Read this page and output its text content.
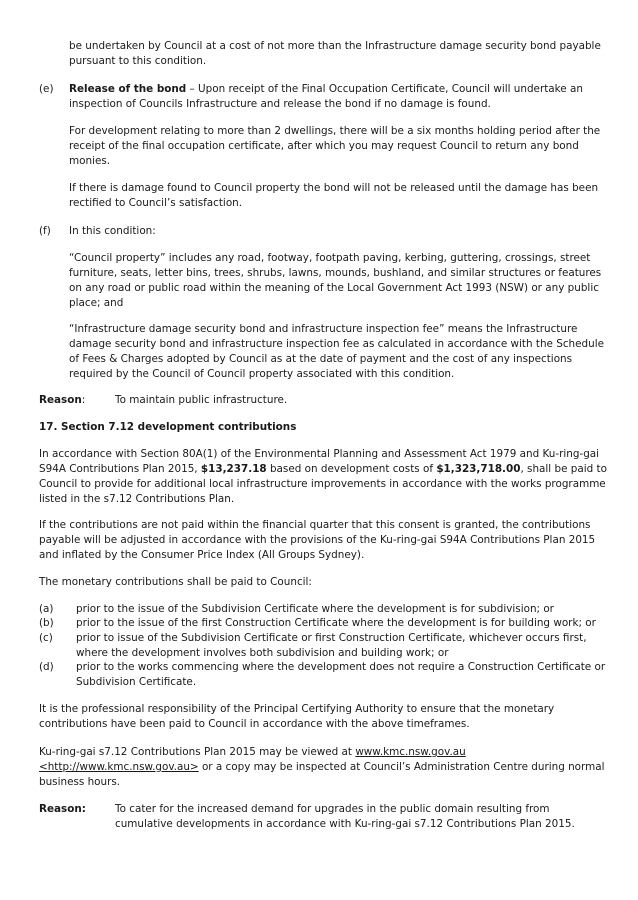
be undertaken by Council at a cost of not more than the Infrastructure damage security bond payable pursuant to this condition.

(e) Release of the bond – Upon receipt of the Final Occupation Certificate, Council will undertake an inspection of Councils Infrastructure and release the bond if no damage is found.

For development relating to more than 2 dwellings, there will be a six months holding period after the receipt of the final occupation certificate, after which you may request Council to return any bond monies.

If there is damage found to Council property the bond will not be released until the damage has been rectified to Council’s satisfaction.

(f) In this condition:

“Council property” includes any road, footway, footpath paving, kerbing, guttering, crossings, street furniture, seats, letter bins, trees, shrubs, lawns, mounds, bushland, and similar structures or features on any road or public road within the meaning of the Local Government Act 1993 (NSW) or any public place; and

“Infrastructure damage security bond and infrastructure inspection fee” means the Infrastructure damage security bond and infrastructure inspection fee as calculated in accordance with the Schedule of Fees & Charges adopted by Council as at the date of payment and the cost of any inspections required by the Council of Council property associated with this condition.

Reason:	To maintain public infrastructure.

17. Section 7.12 development contributions

In accordance with Section 80A(1) of the Environmental Planning and Assessment Act 1979 and Ku-ring-gai S94A Contributions Plan 2015, $13,237.18 based on development costs of $1,323,718.00, shall be paid to Council to provide for additional local infrastructure improvements in accordance with the works programme listed in the s7.12 Contributions Plan.

If the contributions are not paid within the financial quarter that this consent is granted, the contributions payable will be adjusted in accordance with the provisions of the Ku-ring-gai S94A Contributions Plan 2015 and inflated by the Consumer Price Index (All Groups Sydney).

The monetary contributions shall be paid to Council:

(a) prior to the issue of the Subdivision Certificate where the development is for subdivision; or

(b) prior to the issue of the first Construction Certificate where the development is for building work; or

(c) prior to issue of the Subdivision Certificate or first Construction Certificate, whichever occurs first, where the development involves both subdivision and building work; or

(d) prior to the works commencing where the development does not require a Construction Certificate or Subdivision Certificate.

It is the professional responsibility of the Principal Certifying Authority to ensure that the monetary contributions have been paid to Council in accordance with the above timeframes.

Ku-ring-gai s7.12 Contributions Plan 2015 may be viewed at www.kmc.nsw.gov.au
<http://www.kmc.nsw.gov.au> or a copy may be inspected at Council’s Administration Centre during normal business hours.

Reason:	To cater for the increased demand for upgrades in the public domain resulting from cumulative developments in accordance with Ku-ring-gai s7.12 Contributions Plan 2015.
